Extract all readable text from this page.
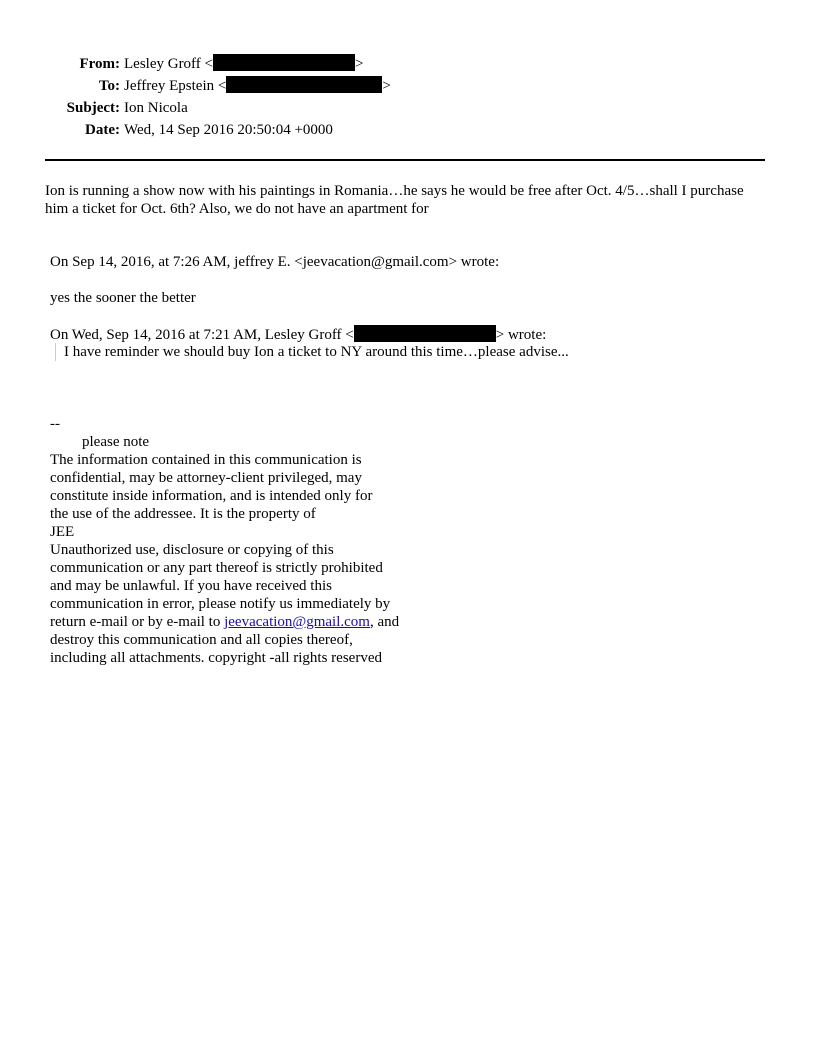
From: Lesley Groff <	>
To: Jeffrey Epstein <	>
Subject: Ion Nicola
Date: Wed, 14 Sep 2016 20:50:04 +0000
Ion is running a show now with his paintings in Romania…he says he would be free after Oct. 4/5…shall I purchase him a ticket for Oct. 6th? Also, we do not have an apartment for
On Sep 14, 2016, at 7:26 AM, jeffrey E. <jeevacation@gmail.com> wrote:
yes the sooner the better
On Wed, Sep 14, 2016 at 7:21 AM, Lesley Groff <	> wrote:
I have reminder we should buy Ion a ticket to NY around this time…please advise...
--
please note
The information contained in this communication is
confidential, may be attorney-client privileged, may
constitute inside information, and is intended only for
the use of the addressee. It is the property of
JEE
Unauthorized use, disclosure or copying of this
communication or any part thereof is strictly prohibited
and may be unlawful. If you have received this
communication in error, please notify us immediately by
return e-mail or by e-mail to jeevacation@gmail.com, and
destroy this communication and all copies thereof,
including all attachments. copyright -all rights reserved
